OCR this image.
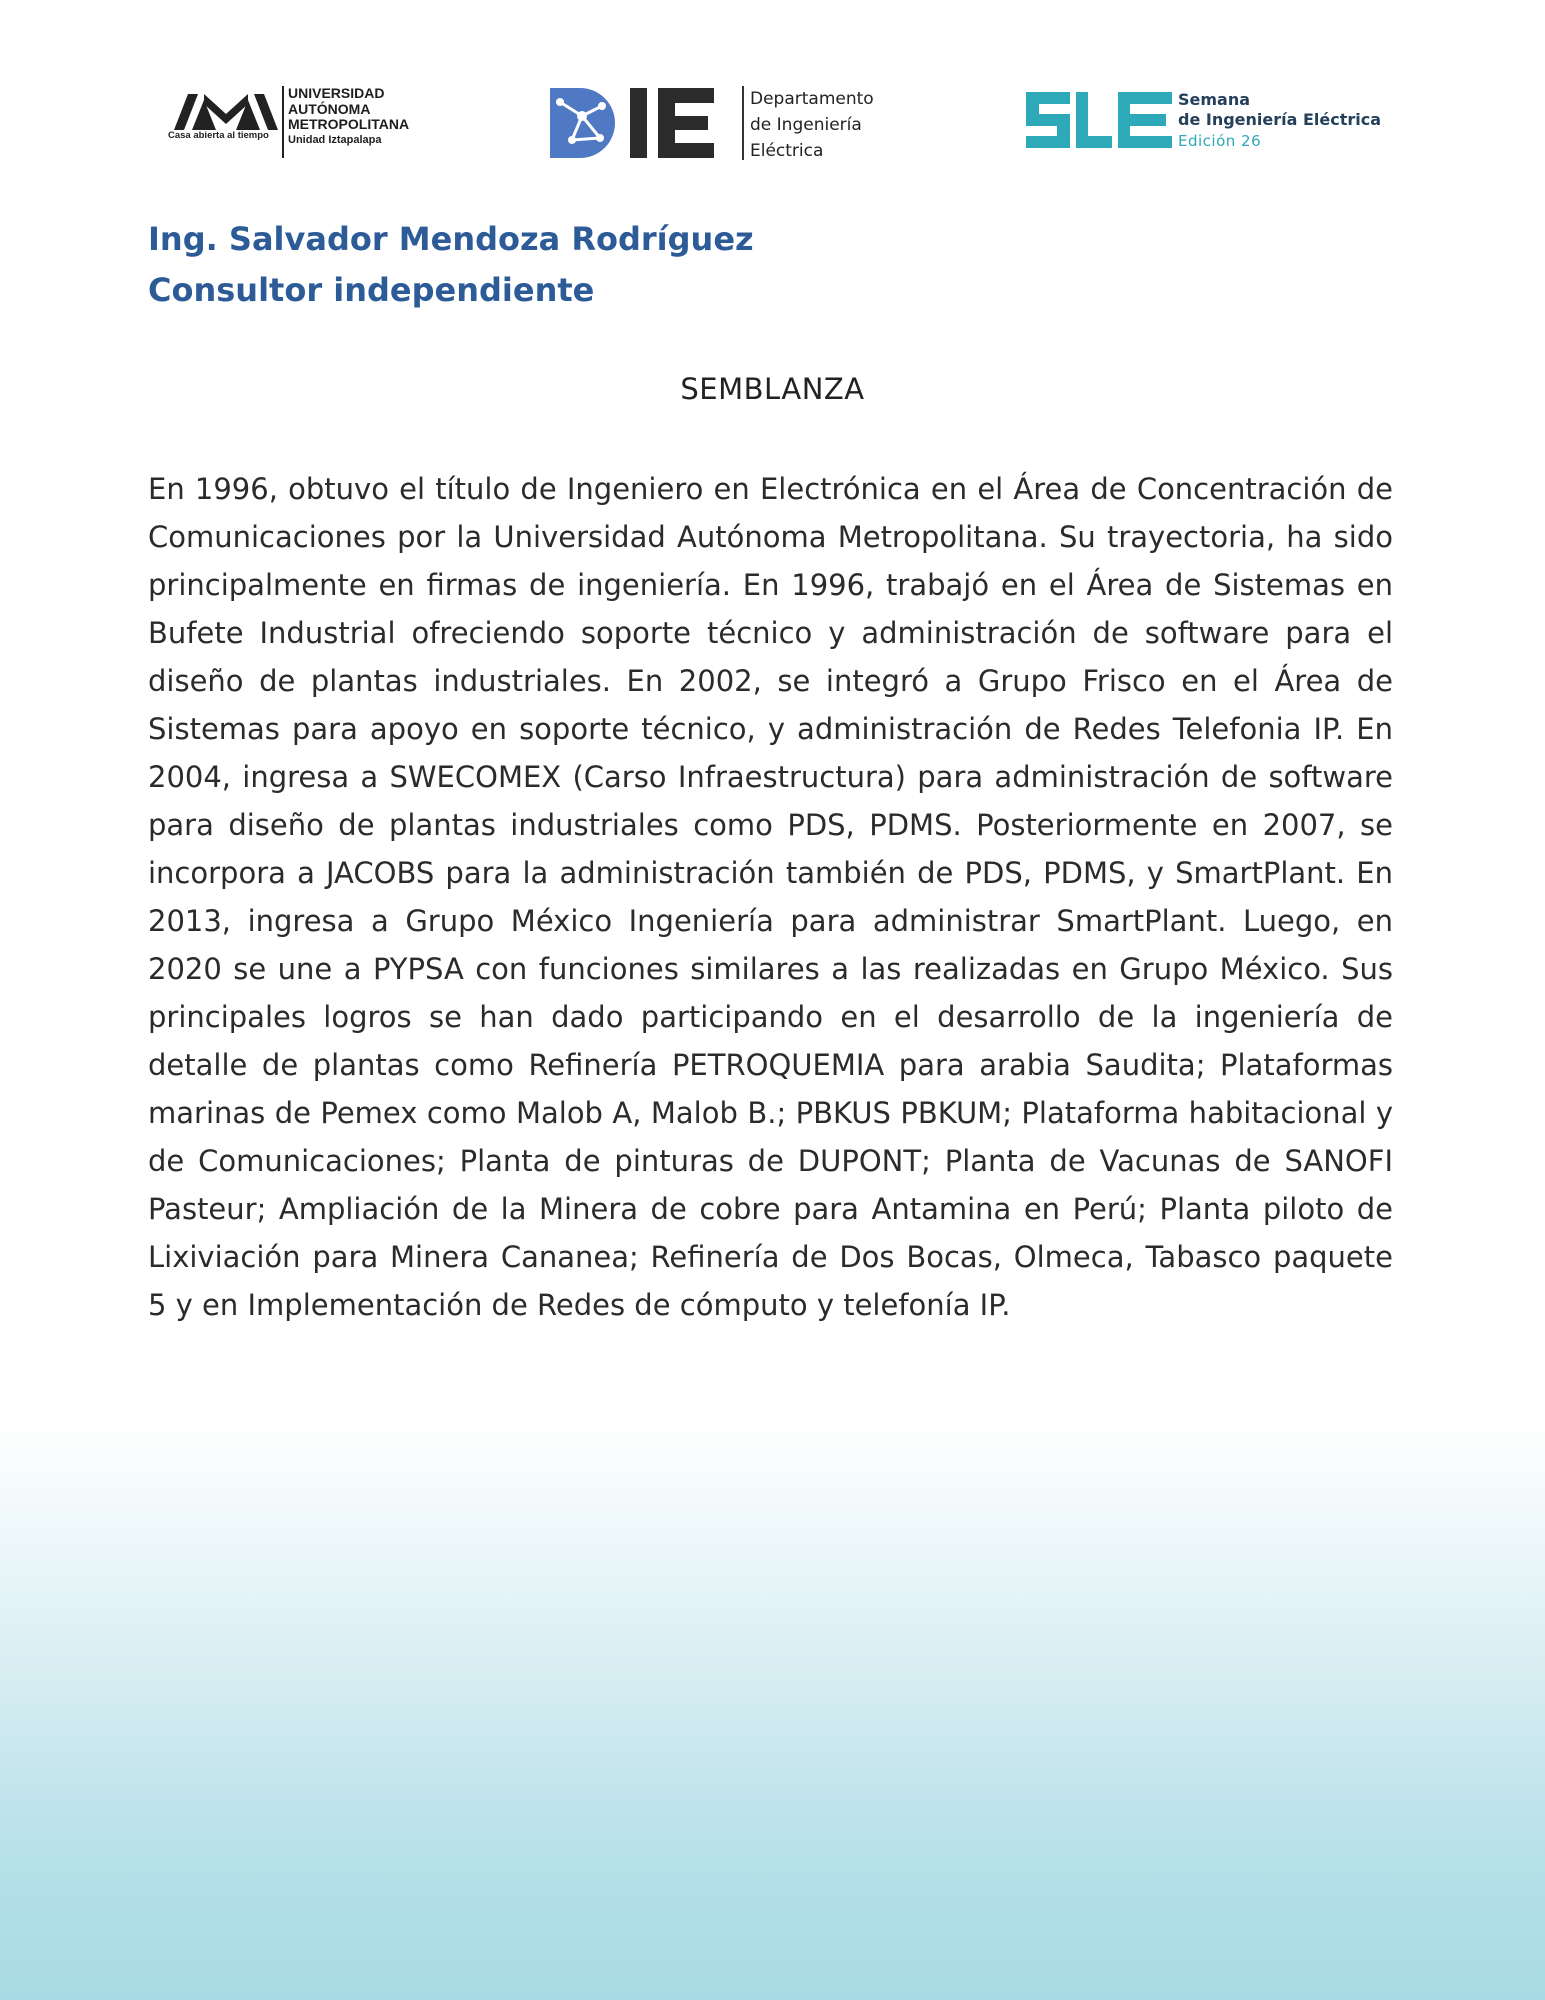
Casa abierta al tiempo
UNIVERSIDAD
AUTÓNOMA
METROPOLITANA
Unidad Iztapalapa
Departamento
de Ingeniería
Eléctrica
Semana
de Ingeniería Eléctrica
Edición 26
Ing. Salvador Mendoza Rodríguez
Consultor independiente
SEMBLANZA

En 1996, obtuvo el título de Ingeniero en Electrónica en el Área de Concentración de Comunicaciones por la Universidad Autónoma Metropolitana. Su trayectoria, ha sido principalmente en firmas de ingeniería. En 1996, trabajó en el Área de Sistemas en Bufete Industrial ofreciendo soporte técnico y administración de software para el diseño de plantas industriales. En 2002, se integró a Grupo Frisco en el Área de Sistemas para apoyo en soporte técnico, y administración de Redes Telefonia IP. En 2004, ingresa a SWECOMEX (Carso Infraestructura) para administración de software para diseño de plantas industriales como PDS, PDMS. Posteriormente en 2007, se incorpora a JACOBS para la administración también de PDS, PDMS, y SmartPlant. En 2013, ingresa a Grupo México Ingeniería para administrar SmartPlant. Luego, en 2020 se une a PYPSA con funciones similares a las realizadas en Grupo México. Sus principales logros se han dado participando en el desarrollo de la ingeniería de detalle de plantas como Refinería PETROQUEMIA para arabia Saudita; Plataformas marinas de Pemex como Malob A, Malob B.; PBKUS PBKUM; Plataforma habitacional y de Comunicaciones; Planta de pinturas de DUPONT; Planta de Vacunas de SANOFI Pasteur; Ampliación de la Minera de cobre para Antamina en Perú; Planta piloto de Lixiviación para Minera Cananea; Refinería de Dos Bocas, Olmeca, Tabasco paquete 5 y en Implementación de Redes de cómputo y telefonía IP.
